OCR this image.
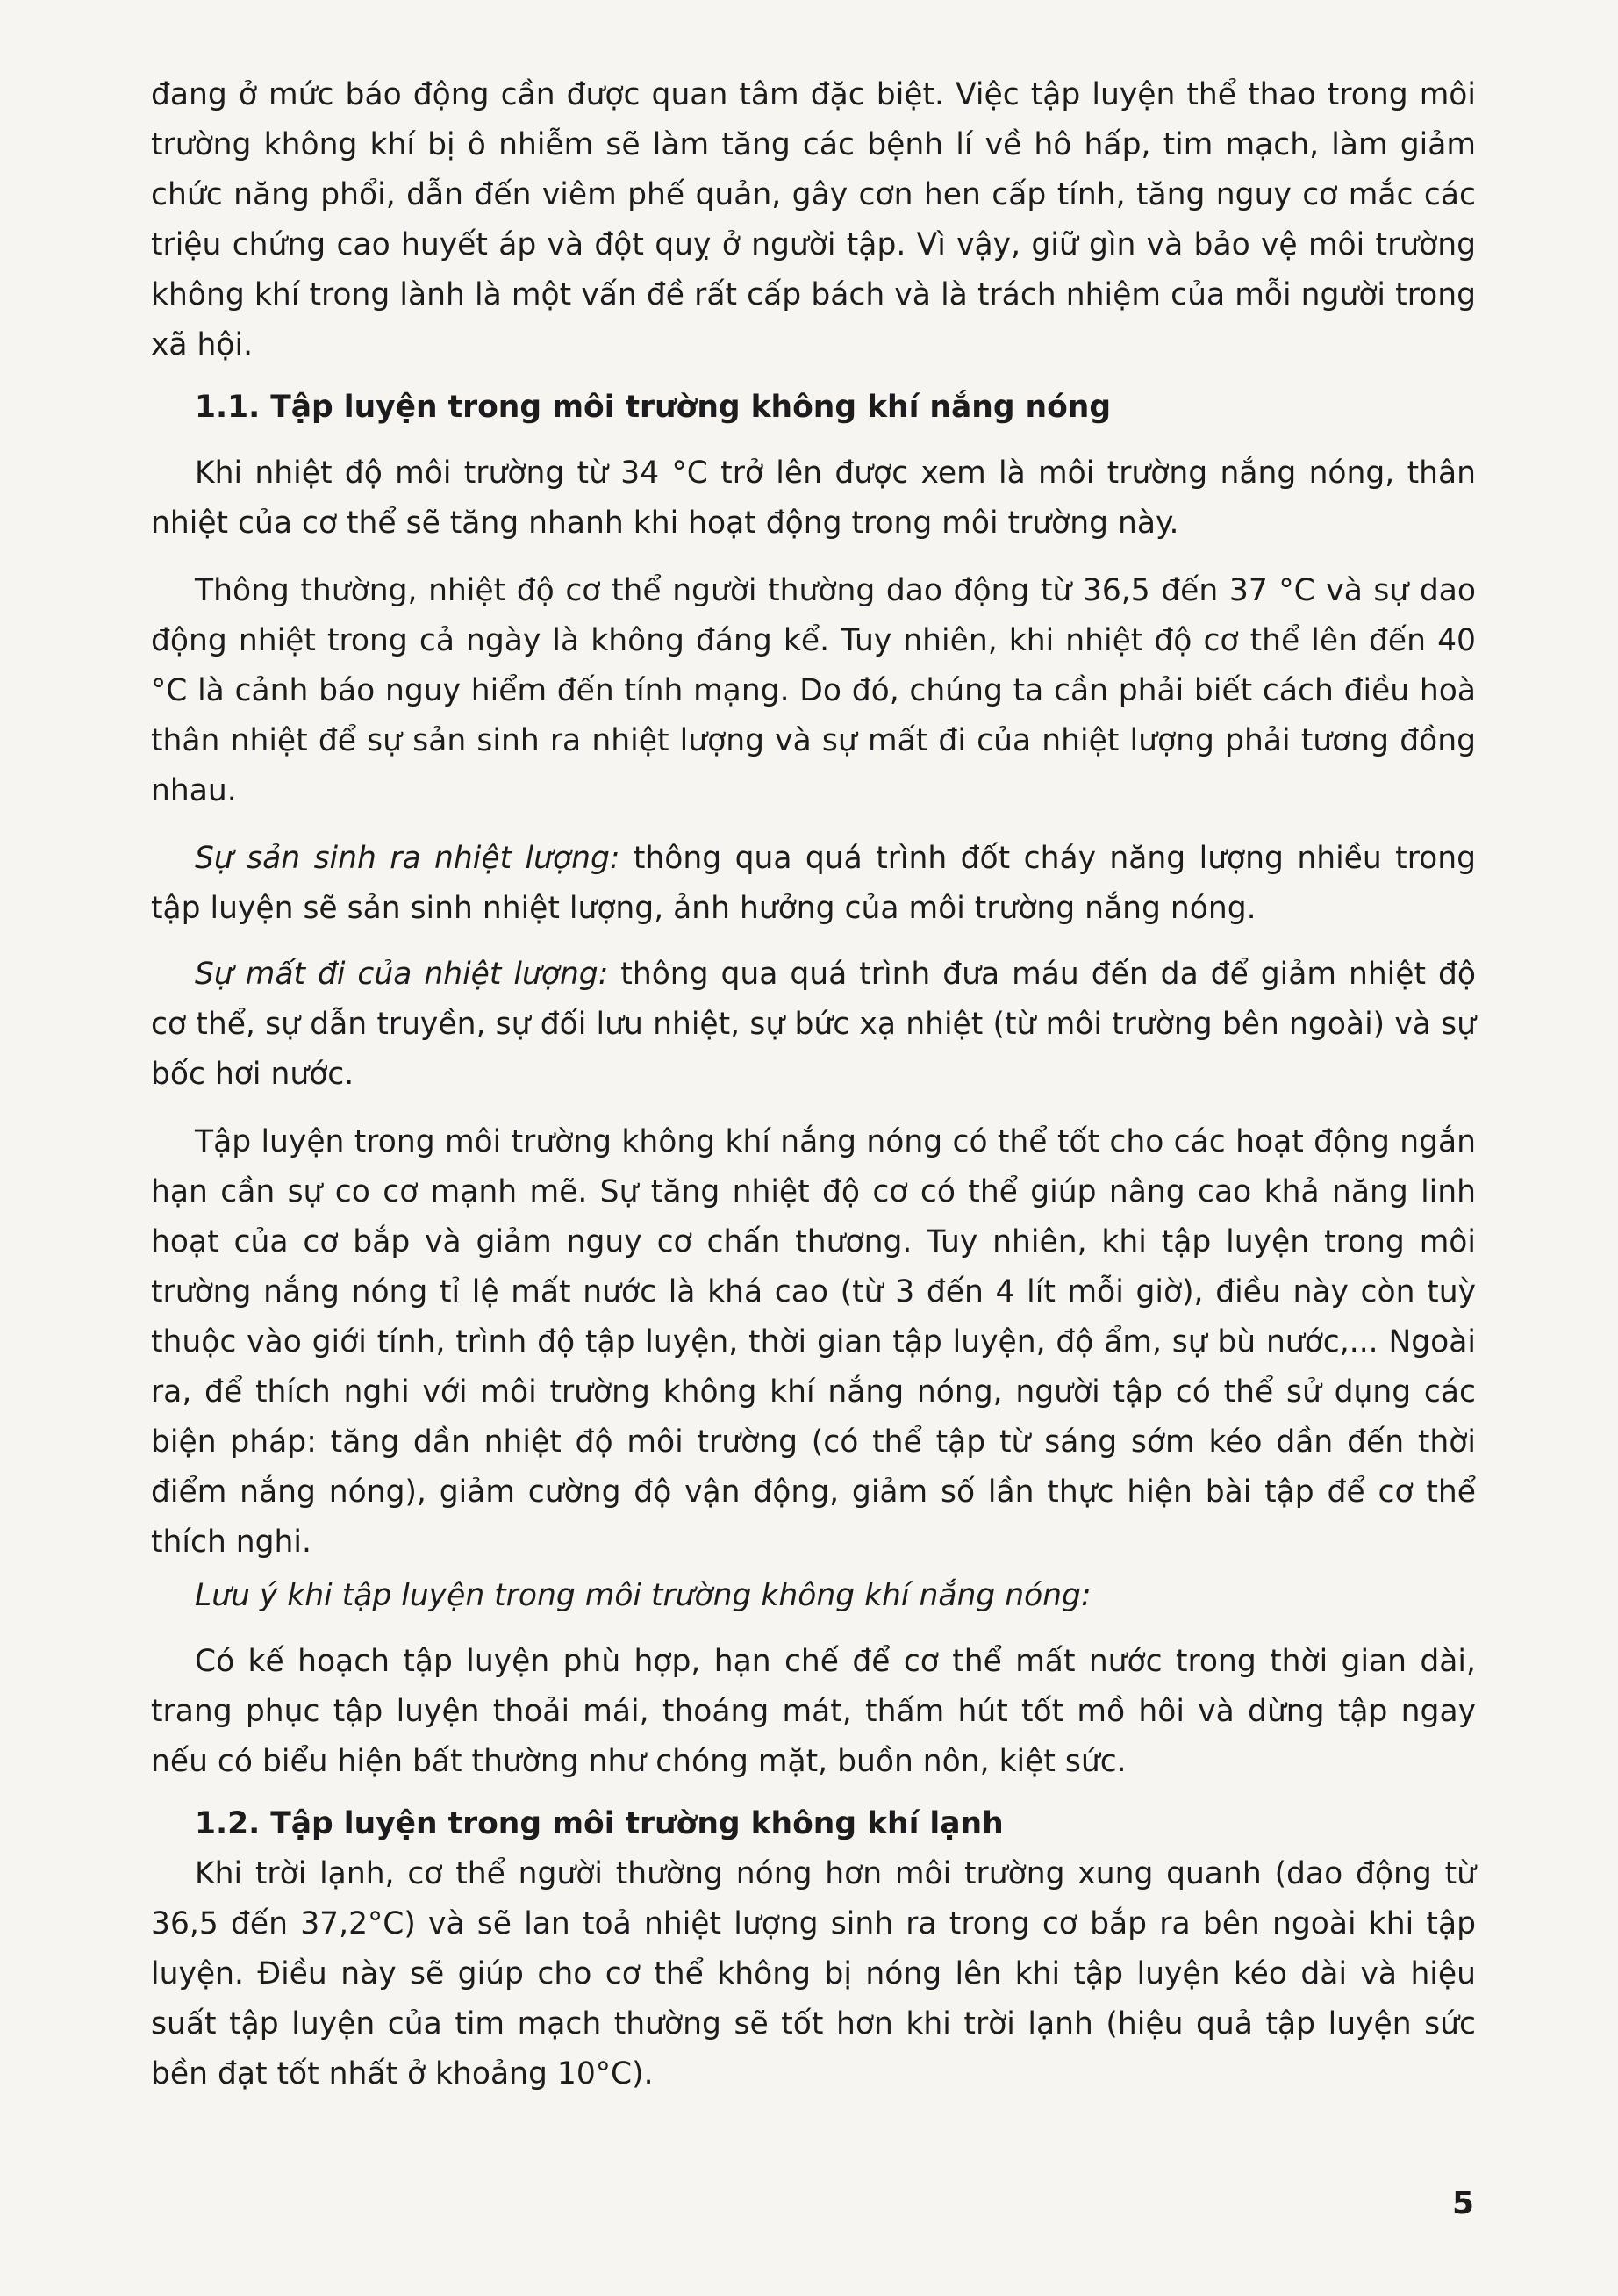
đang ở mức báo động cần được quan tâm đặc biệt. Việc tập luyện thể thao trong môi trường không khí bị ô nhiễm sẽ làm tăng các bệnh lí về hô hấp, tim mạch, làm giảm chức năng phổi, dẫn đến viêm phế quản, gây cơn hen cấp tính, tăng nguy cơ mắc các triệu chứng cao huyết áp và đột quỵ ở người tập. Vì vậy, giữ gìn và bảo vệ môi trường không khí trong lành là một vấn đề rất cấp bách và là trách nhiệm của mỗi người trong xã hội.

1.1. Tập luyện trong môi trường không khí nắng nóng

Khi nhiệt độ môi trường từ 34 °C trở lên được xem là môi trường nắng nóng, thân nhiệt của cơ thể sẽ tăng nhanh khi hoạt động trong môi trường này.

Thông thường, nhiệt độ cơ thể người thường dao động từ 36,5 đến 37 °C và sự dao động nhiệt trong cả ngày là không đáng kể. Tuy nhiên, khi nhiệt độ cơ thể lên đến 40 °C là cảnh báo nguy hiểm đến tính mạng. Do đó, chúng ta cần phải biết cách điều hoà thân nhiệt để sự sản sinh ra nhiệt lượng và sự mất đi của nhiệt lượng phải tương đồng nhau.

Sự sản sinh ra nhiệt lượng: thông qua quá trình đốt cháy năng lượng nhiều trong tập luyện sẽ sản sinh nhiệt lượng, ảnh hưởng của môi trường nắng nóng.

Sự mất đi của nhiệt lượng: thông qua quá trình đưa máu đến da để giảm nhiệt độ cơ thể, sự dẫn truyền, sự đối lưu nhiệt, sự bức xạ nhiệt (từ môi trường bên ngoài) và sự bốc hơi nước.

Tập luyện trong môi trường không khí nắng nóng có thể tốt cho các hoạt động ngắn hạn cần sự co cơ mạnh mẽ. Sự tăng nhiệt độ cơ có thể giúp nâng cao khả năng linh hoạt của cơ bắp và giảm nguy cơ chấn thương. Tuy nhiên, khi tập luyện trong môi trường nắng nóng tỉ lệ mất nước là khá cao (từ 3 đến 4 lít mỗi giờ), điều này còn tuỳ thuộc vào giới tính, trình độ tập luyện, thời gian tập luyện, độ ẩm, sự bù nước,... Ngoài ra, để thích nghi với môi trường không khí nắng nóng, người tập có thể sử dụng các biện pháp: tăng dần nhiệt độ môi trường (có thể tập từ sáng sớm kéo dần đến thời điểm nắng nóng), giảm cường độ vận động, giảm số lần thực hiện bài tập để cơ thể thích nghi.

Lưu ý khi tập luyện trong môi trường không khí nắng nóng:

Có kế hoạch tập luyện phù hợp, hạn chế để cơ thể mất nước trong thời gian dài, trang phục tập luyện thoải mái, thoáng mát, thấm hút tốt mồ hôi và dừng tập ngay nếu có biểu hiện bất thường như chóng mặt, buồn nôn, kiệt sức.

1.2. Tập luyện trong môi trường không khí lạnh

Khi trời lạnh, cơ thể người thường nóng hơn môi trường xung quanh (dao động từ 36,5 đến 37,2°C) và sẽ lan toả nhiệt lượng sinh ra trong cơ bắp ra bên ngoài khi tập luyện. Điều này sẽ giúp cho cơ thể không bị nóng lên khi tập luyện kéo dài và hiệu suất tập luyện của tim mạch thường sẽ tốt hơn khi trời lạnh (hiệu quả tập luyện sức bền đạt tốt nhất ở khoảng 10°C).

5
